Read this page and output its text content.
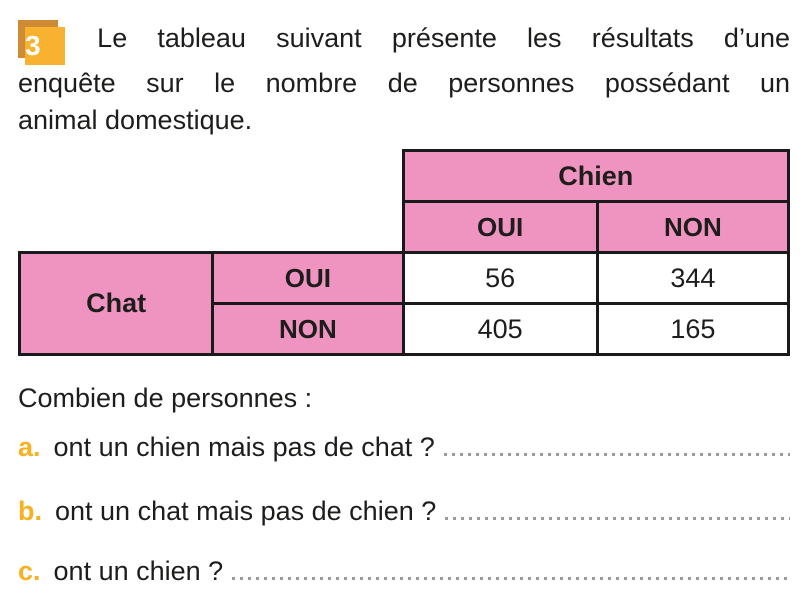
3 Le tableau suivant présente les résultats d’une
enquête sur le nombre de personnes possédant un
animal domestique.
		Chien	
		OUI	NON
Chat	OUI	56	344
	NON	405	165
Combien de personnes :
a. ont un chien mais pas de chat ?
b. ont un chat mais pas de chien ?
c. ont un chien ?
